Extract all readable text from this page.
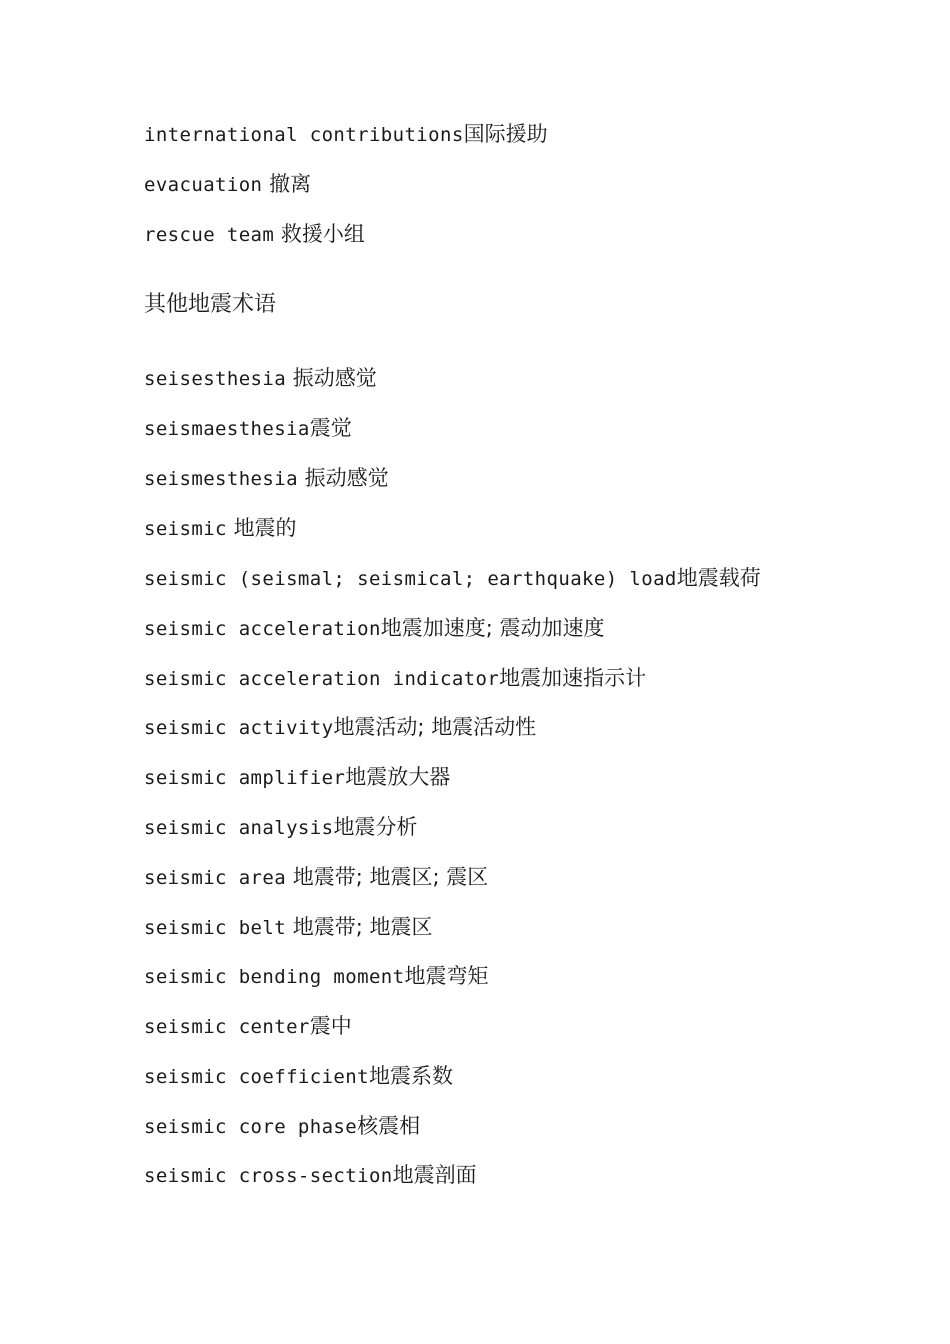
international contributions国际援助
evacuation 撤离
rescue team 救援小组
其他地震术语
seisesthesia 振动感觉
seismaesthesia震觉
seismesthesia 振动感觉
seismic 地震的
seismic (seismal; seismical; earthquake) load地震载荷
seismic acceleration地震加速度; 震动加速度
seismic acceleration indicator地震加速指示计
seismic activity地震活动; 地震活动性
seismic amplifier地震放大器
seismic analysis地震分析
seismic area 地震带; 地震区; 震区
seismic belt 地震带; 地震区
seismic bending moment地震弯矩
seismic center震中
seismic coefficient地震系数
seismic core phase核震相
seismic cross-section地震剖面
